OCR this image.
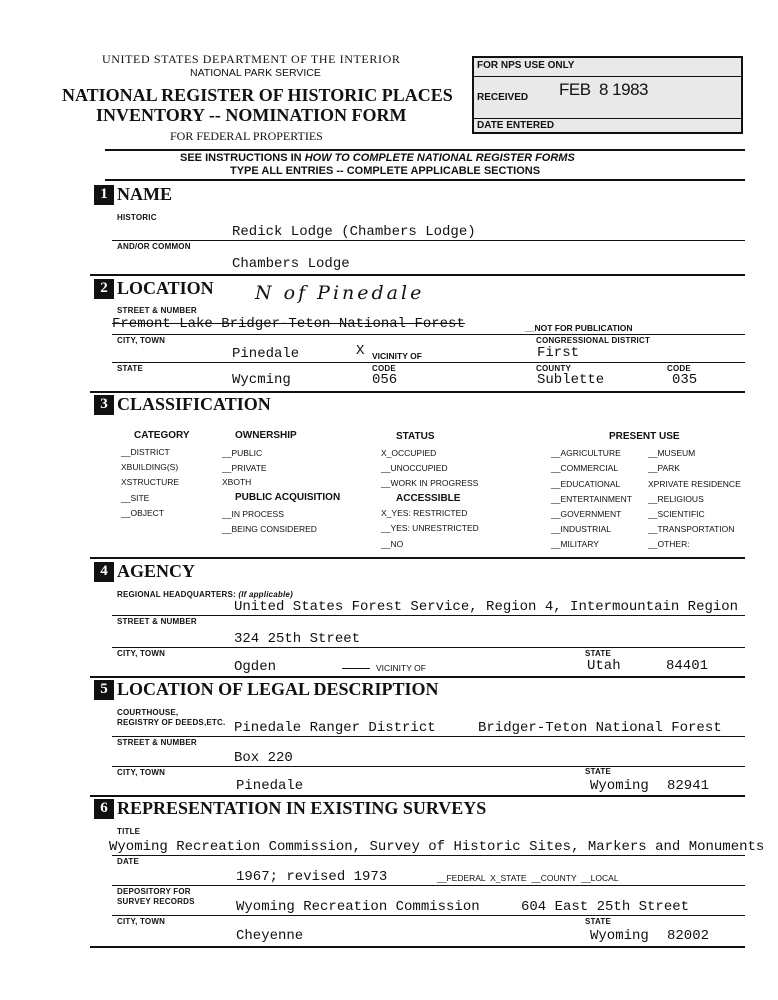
UNITED STATES DEPARTMENT OF THE INTERIOR
NATIONAL PARK SERVICE
NATIONAL REGISTER OF HISTORIC PLACES
INVENTORY -- NOMINATION FORM
FOR FEDERAL PROPERTIES
FOR NPS USE ONLY
RECEIVED FEB  8 1983
DATE ENTERED
SEE INSTRUCTIONS IN HOW TO COMPLETE NATIONAL REGISTER FORMS
TYPE ALL ENTRIES -- COMPLETE APPLICABLE SECTIONS
1 NAME
HISTORIC
Redick Lodge (Chambers Lodge)
AND/OR COMMON
Chambers Lodge
2 LOCATION
STREET & NUMBER
N of Pinedale
Fremont Lake Bridger-Teton National Forest	__NOT FOR PUBLICATION
CITY, TOWN	CONGRESSIONAL DISTRICT
Pinedale	X VICINITY OF	First
STATE	CODE	COUNTY	CODE
Wycming	056	Sublette	035
3 CLASSIFICATION
CATEGORY
__DISTRICT
XBUILDING(S)
XSTRUCTURE
__SITE
__OBJECT
OWNERSHIP
__PUBLIC
__PRIVATE
XBOTH
PUBLIC ACQUISITION
__IN PROCESS
__BEING CONSIDERED
STATUS
X_OCCUPIED
__UNOCCUPIED
__WORK IN PROGRESS
ACCESSIBLE
X_YES: RESTRICTED
__YES: UNRESTRICTED
__NO
PRESENT USE
__AGRICULTURE
__COMMERCIAL
__EDUCATIONAL
__ENTERTAINMENT
__GOVERNMENT
__INDUSTRIAL
__MILITARY
__MUSEUM
__PARK
XPRIVATE RESIDENCE
__RELIGIOUS
__SCIENTIFIC
__TRANSPORTATION
__OTHER:
4 AGENCY
REGIONAL HEADQUARTERS: (If applicable)
United States Forest Service, Region 4, Intermountain Region
STREET & NUMBER
324 25th Street
CITY, TOWN	STATE
Ogden	VICINITY OF	Utah	84401
5 LOCATION OF LEGAL DESCRIPTION
COURTHOUSE,
REGISTRY OF DEEDS,ETC. Pinedale Ranger District	Bridger-Teton National Forest
STREET & NUMBER
Box 220
CITY, TOWN	STATE
Pinedale	Wyoming 82941
6 REPRESENTATION IN EXISTING SURVEYS
TITLE
Wyoming Recreation Commission, Survey of Historic Sites, Markers and Monuments
DATE
1967; revised 1973	__FEDERAL  X_STATE  __COUNTY  __LOCAL
DEPOSITORY FOR
SURVEY RECORDS	Wyoming Recreation Commission	604 East 25th Street
CITY, TOWN	STATE
Cheyenne	Wyoming 82002
